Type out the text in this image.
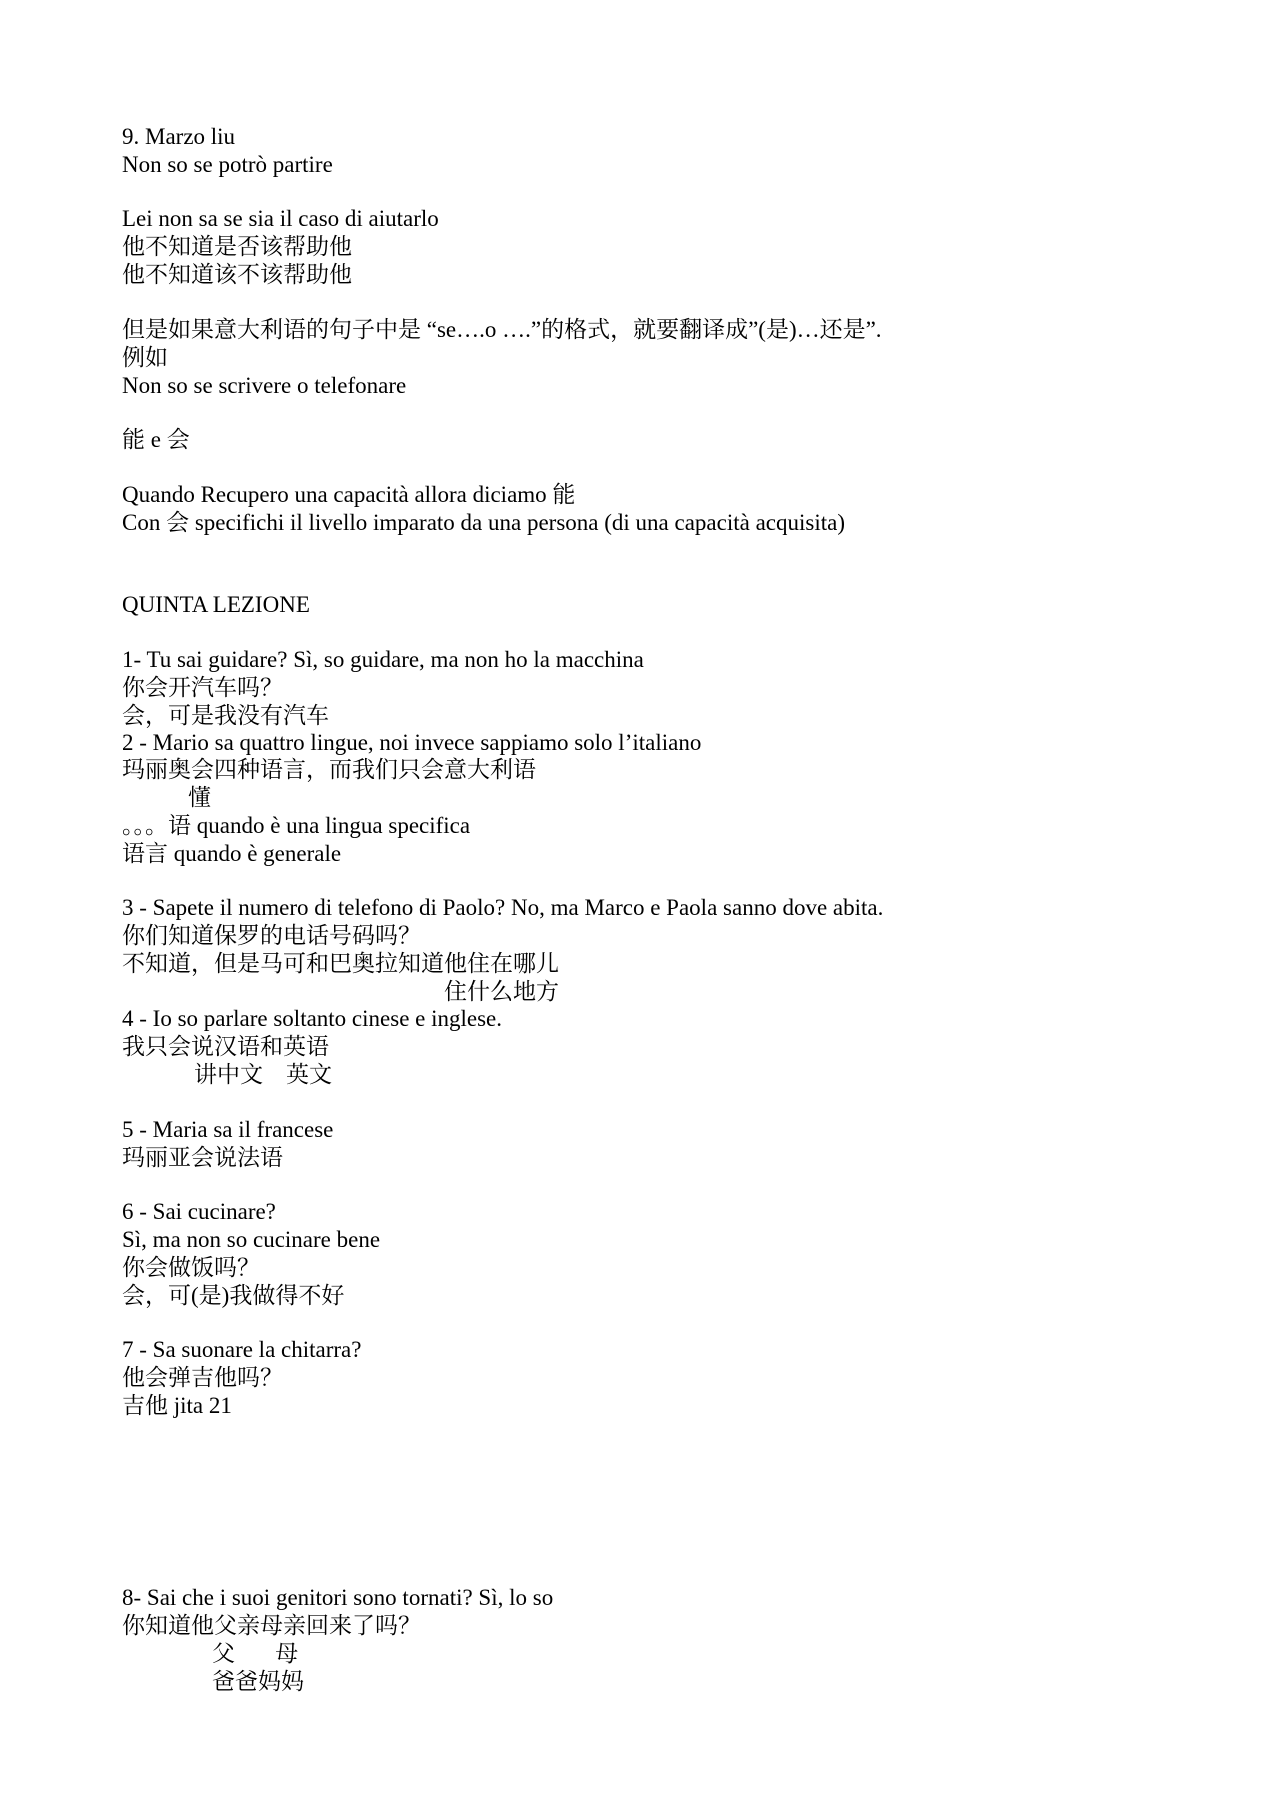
9. Marzo liu
Non so se potrò partire
Lei non sa se sia il caso di aiutarlo
他不知道是否该帮助他
他不知道该不该帮助他
但是如果意大利语的句子中是 “se….o ….”的格式，就要翻译成”(是)…还是”.
例如
Non so se scrivere o telefonare
能 e 会
Quando Recupero una capacità allora diciamo 能
Con 会 specifichi il livello imparato da una persona (di una capacità acquisita)
QUINTA LEZIONE
1- Tu sai guidare? Sì, so guidare, ma non ho la macchina
你会开汽车吗？
会，可是我没有汽车
2 - Mario sa quattro lingue, noi invece sappiamo solo l’italiano
玛丽奥会四种语言，而我们只会意大利语
懂
。。。语 quando è una lingua specifica
语言 quando è generale
3 - Sapete il numero di telefono di Paolo? No, ma Marco e Paola sanno dove abita.
你们知道保罗的电话号码吗？
不知道，但是马可和巴奥拉知道他住在哪儿
住什么地方
4 - Io so parlare soltanto cinese e inglese.
我只会说汉语和英语
讲中文    英文
5 - Maria sa il francese
玛丽亚会说法语
6 - Sai cucinare?
Sì, ma non so cucinare bene
你会做饭吗？
会，可(是)我做得不好
7 - Sa suonare la chitarra?
他会弹吉他吗？
吉他 jita 21
8- Sai che i suoi genitori sono tornati? Sì, lo so
你知道他父亲母亲回来了吗？
父       母
爸爸妈妈
